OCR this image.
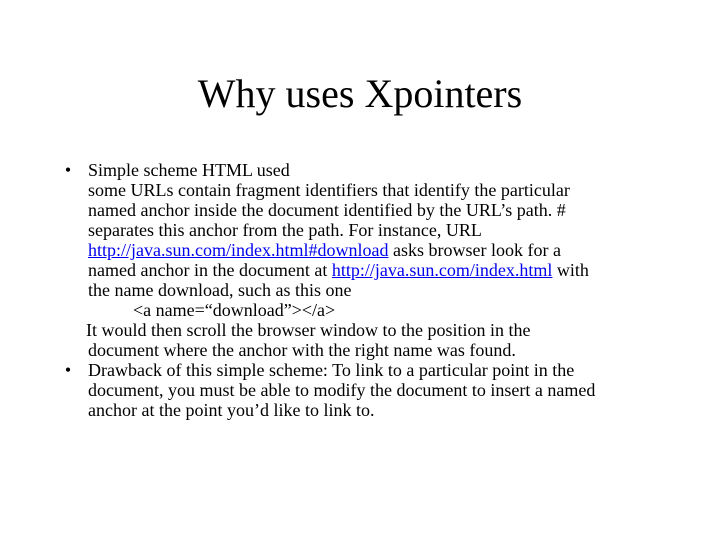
Why uses Xpointers
• Simple scheme HTML used
some URLs contain fragment identifiers that identify the particular
named anchor inside the document identified by the URL’s path. #
separates this anchor from the path. For instance, URL
http://java.sun.com/index.html#download asks browser look for a
named anchor in the document at http://java.sun.com/index.html with
the name download, such as this one
<a name=“download”></a>
It would then scroll the browser window to the position in the
document where the anchor with the right name was found.
• Drawback of this simple scheme: To link to a particular point in the
document, you must be able to modify the document to insert a named
anchor at the point you’d like to link to.
